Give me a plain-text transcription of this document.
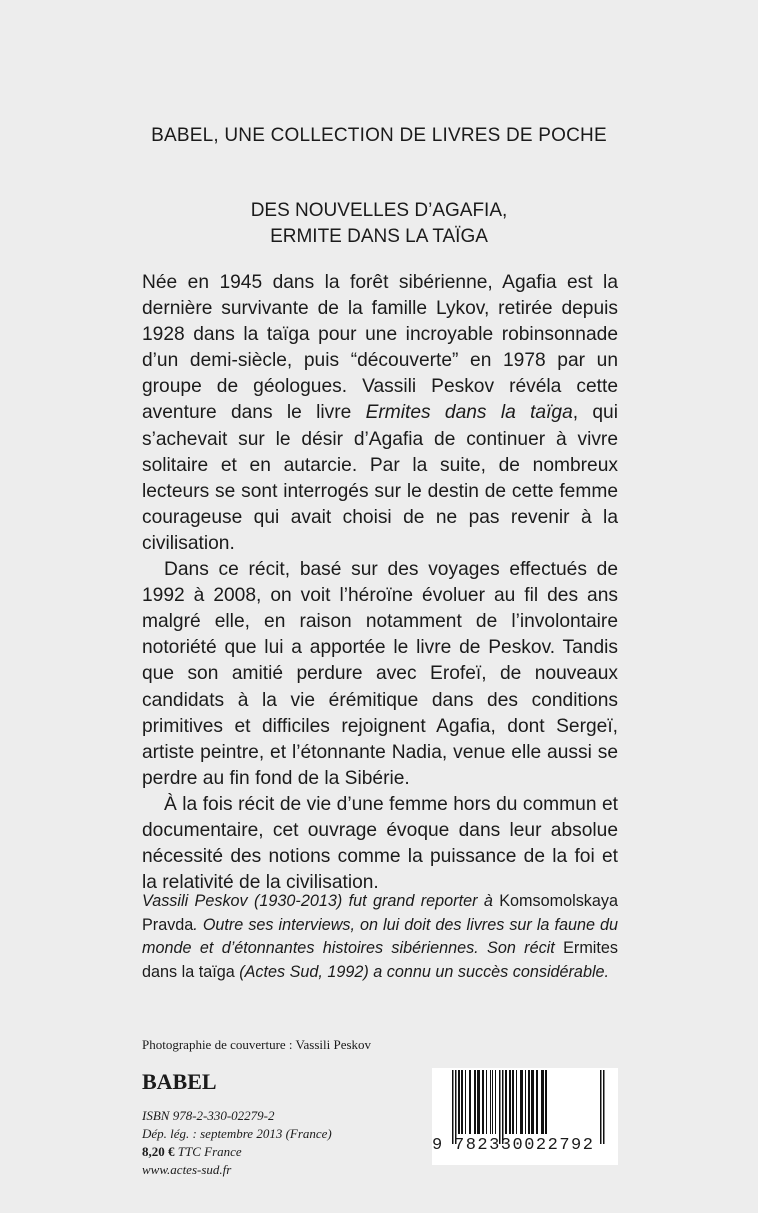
BABEL, UNE COLLECTION DE LIVRES DE POCHE
DES NOUVELLES D’AGAFIA,
ERMITE DANS LA TAÏGA

Née en 1945 dans la forêt sibérienne, Agafia est la dernière survivante de la famille Lykov, retirée depuis 1928 dans la taïga pour une incroyable robinsonnade d’un demi-siècle, puis “découverte” en 1978 par un groupe de géologues. Vassili Peskov révéla cette aventure dans le livre Ermites dans la taïga, qui s’achevait sur le désir d’Agafia de continuer à vivre solitaire et en autarcie. Par la suite, de nombreux lecteurs se sont interrogés sur le destin de cette femme courageuse qui avait choisi de ne pas revenir à la civilisation.

Dans ce récit, basé sur des voyages effectués de 1992 à 2008, on voit l’héroïne évoluer au fil des ans malgré elle, en raison notamment de l’involontaire notoriété que lui a apportée le livre de Peskov. Tandis que son amitié perdure avec Erofeï, de nouveaux candidats à la vie érémitique dans des conditions primitives et difficiles rejoignent Agafia, dont Sergeï, artiste peintre, et l’étonnante Nadia, venue elle aussi se perdre au fin fond de la Sibérie.

À la fois récit de vie d’une femme hors du commun et documentaire, cet ouvrage évoque dans leur absolue nécessité des notions comme la puissance de la foi et la relativité de la civilisation.

Vassili Peskov (1930-2013) fut grand reporter à Komsomolskaya Pravda. Outre ses interviews, on lui doit des livres sur la faune du monde et d’étonnantes histoires sibériennes. Son récit Ermites dans la taïga (Actes Sud, 1992) a connu un succès considérable.
Photographie de couverture : Vassili Peskov
BABEL
ISBN 978-2-330-02279-2
Dép. lég. : septembre 2013 (France)
8,20 € TTC France
www.actes-sud.fr
9 782330022792
